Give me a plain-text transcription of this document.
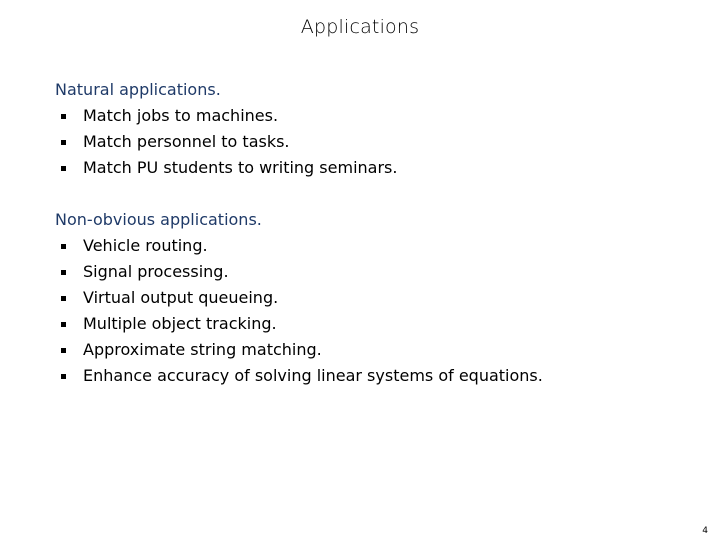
Applications
Natural applications.
Match jobs to machines.
Match personnel to tasks.
Match PU students to writing seminars.
Non-obvious applications.
Vehicle routing.
Signal processing.
Virtual output queueing.
Multiple object tracking.
Approximate string matching.
Enhance accuracy of solving linear systems of equations.
4
